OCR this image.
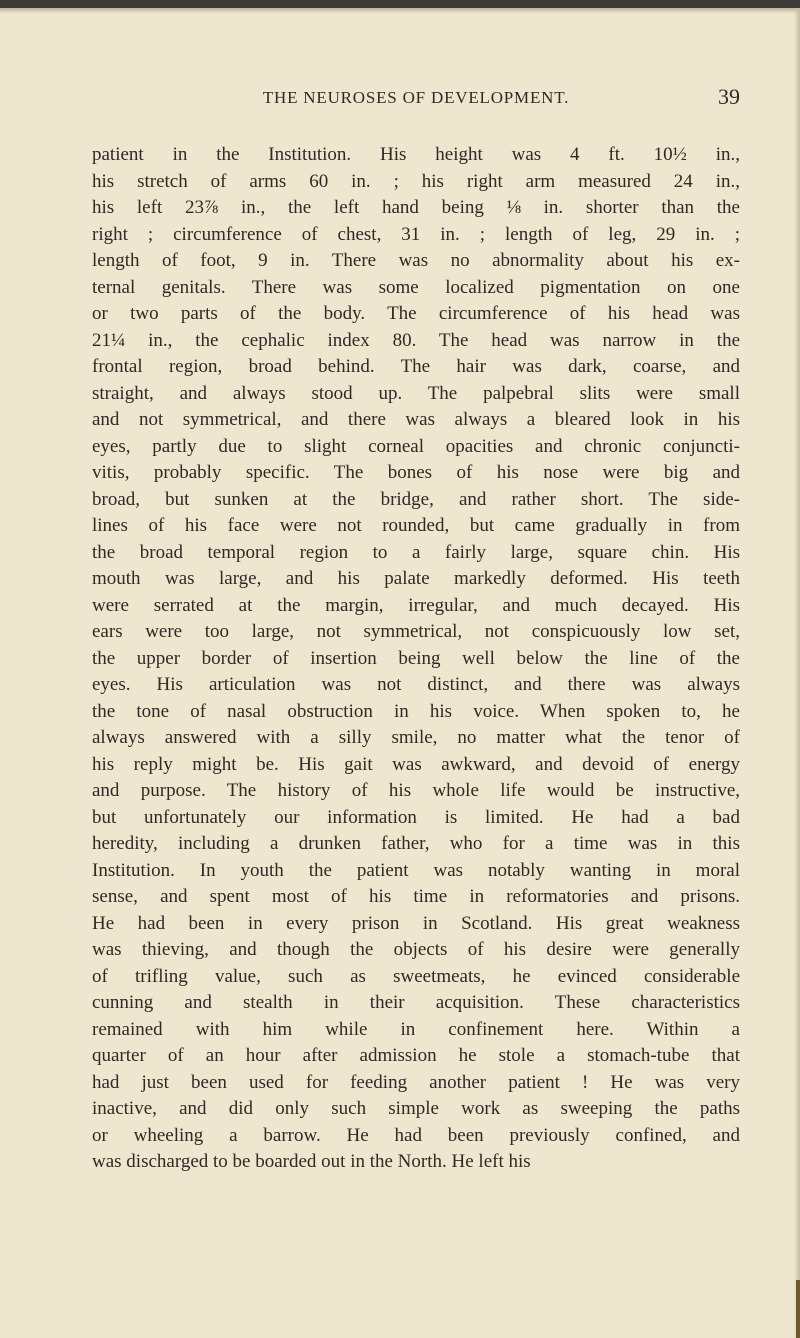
THE NEUROSES OF DEVELOPMENT.	39
patient in the Institution. His height was 4 ft. 10½ in.,
his stretch of arms 60 in. ; his right arm measured 24 in.,
his left 23⅞ in., the left hand being ⅛ in. shorter than the
right ; circumference of chest, 31 in. ; length of leg, 29 in. ;
length of foot, 9 in. There was no abnormality about his ex-
ternal genitals. There was some localized pigmentation on one
or two parts of the body. The circumference of his head was
21¼ in., the cephalic index 80. The head was narrow in the
frontal region, broad behind. The hair was dark, coarse, and
straight, and always stood up. The palpebral slits were small
and not symmetrical, and there was always a bleared look in his
eyes, partly due to slight corneal opacities and chronic conjuncti-
vitis, probably specific. The bones of his nose were big and
broad, but sunken at the bridge, and rather short. The side-
lines of his face were not rounded, but came gradually in from
the broad temporal region to a fairly large, square chin. His
mouth was large, and his palate markedly deformed. His teeth
were serrated at the margin, irregular, and much decayed. His
ears were too large, not symmetrical, not conspicuously low set,
the upper border of insertion being well below the line of the
eyes. His articulation was not distinct, and there was always
the tone of nasal obstruction in his voice. When spoken to, he
always answered with a silly smile, no matter what the tenor of
his reply might be. His gait was awkward, and devoid of energy
and purpose. The history of his whole life would be instructive,
but unfortunately our information is limited. He had a bad
heredity, including a drunken father, who for a time was in this
Institution. In youth the patient was notably wanting in moral
sense, and spent most of his time in reformatories and prisons.
He had been in every prison in Scotland. His great weakness
was thieving, and though the objects of his desire were generally
of trifling value, such as sweetmeats, he evinced considerable
cunning and stealth in their acquisition. These characteristics
remained with him while in confinement here. Within a
quarter of an hour after admission he stole a stomach-tube that
had just been used for feeding another patient ! He was very
inactive, and did only such simple work as sweeping the paths
or wheeling a barrow. He had been previously confined, and
was discharged to be boarded out in the North. He left his
